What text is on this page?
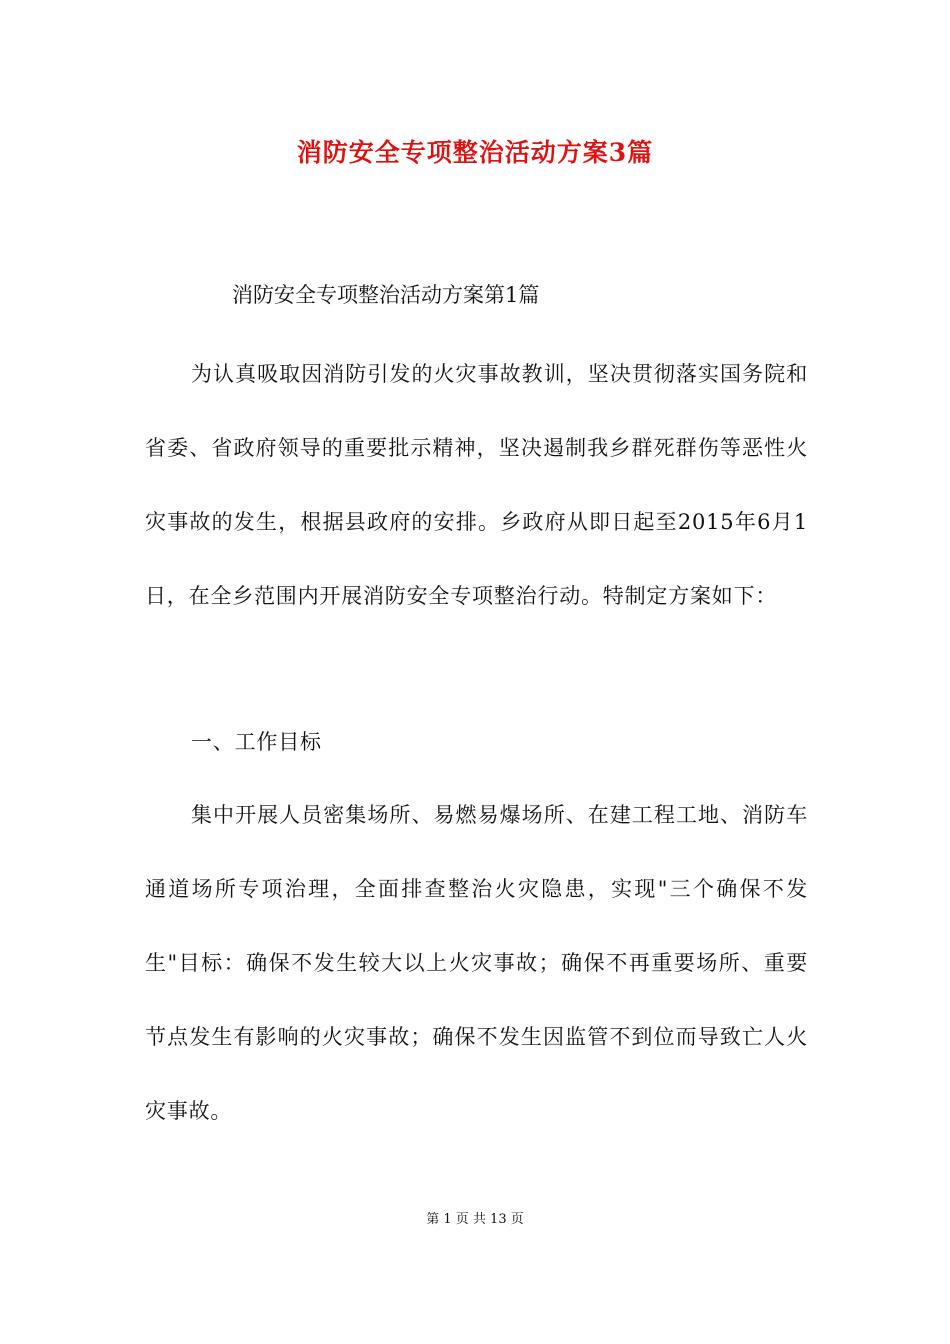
消防安全专项整治活动方案3篇
消防安全专项整治活动方案第1篇
为认真吸取因消防引发的火灾事故教训，坚决贯彻落实国务院和省委、省政府领导的重要批示精神，坚决遏制我乡群死群伤等恶性火灾事故的发生，根据县政府的安排。乡政府从即日起至2015年6月1日，在全乡范围内开展消防安全专项整治行动。特制定方案如下：
一、工作目标
集中开展人员密集场所、易燃易爆场所、在建工程工地、消防车通道场所专项治理，全面排查整治火灾隐患，实现"三个确保不发生"目标：确保不发生较大以上火灾事故；确保不再重要场所、重要节点发生有影响的火灾事故；确保不发生因监管不到位而导致亡人火灾事故。
第 1 页 共 13 页
